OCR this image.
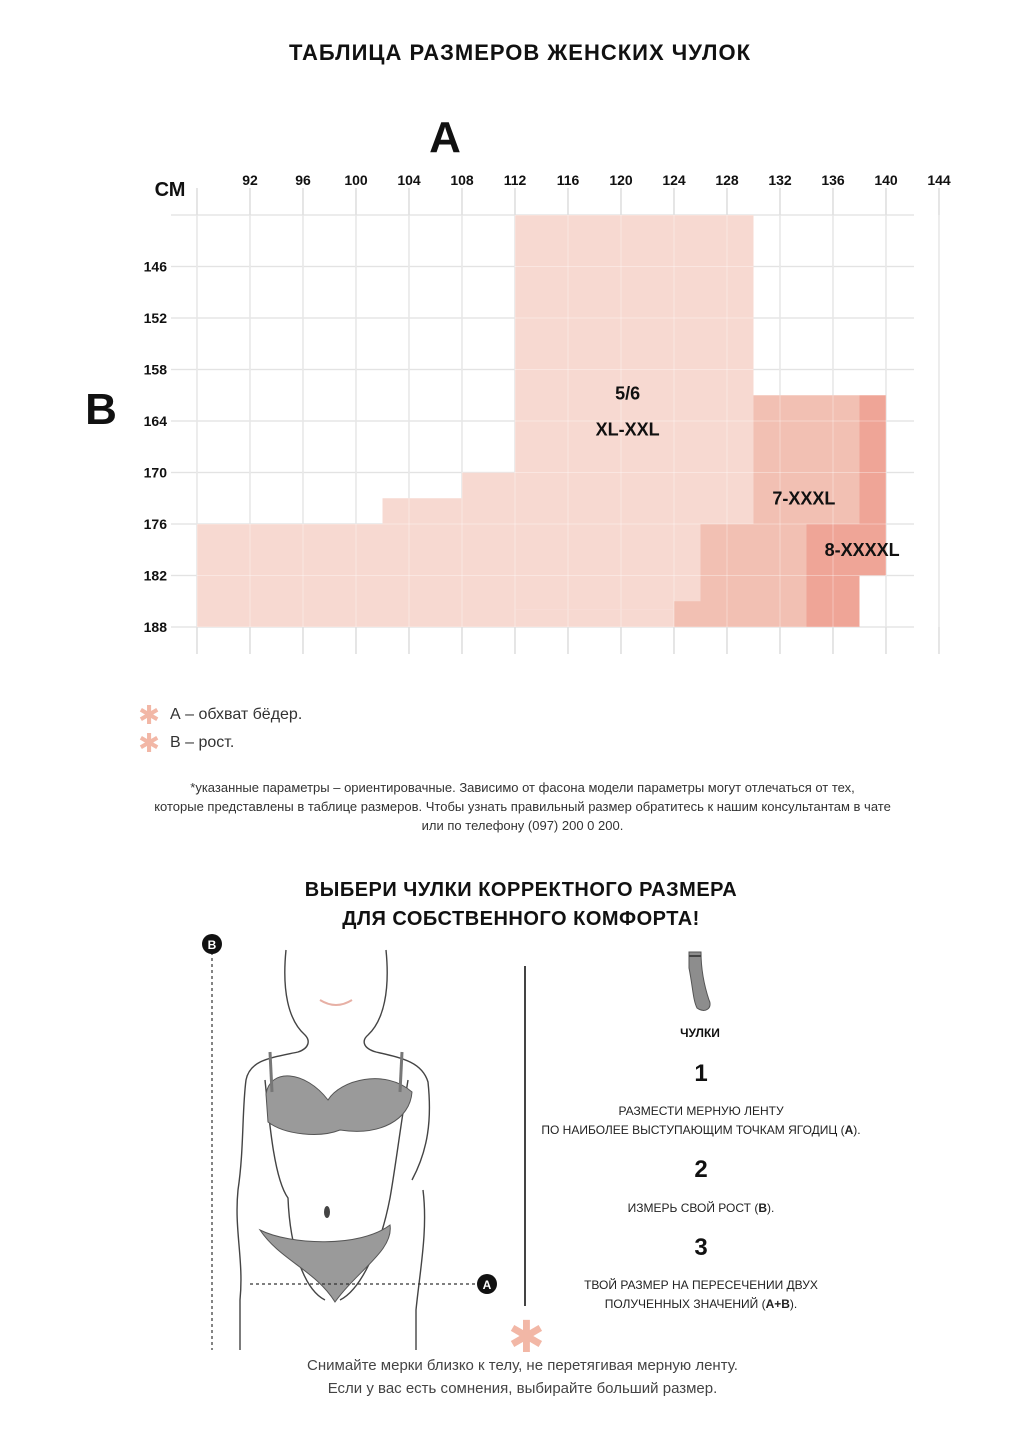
ТАБЛИЦА РАЗМЕРОВ ЖЕНСКИХ ЧУЛОК
92	96 100 104 108 112 116 120 124 128 132 136 140 144
146
152
158
164
170
176
182
188
A
B
СМ
5/6
XL-XXL
7-XXXL
8-XXXXL
✱ А – обхват бёдер.
✱ В – рост.
*указанные параметры – ориентировачные. Зависимо от фасона модели параметры могут отлечаться от тех,
которые представлены в таблице размеров. Чтобы узнать правильный размер обратитесь к нашим консультантам в чате
или по телефону (097) 200 0 200.
ВЫБЕРИ ЧУЛКИ КОРРЕКТНОГО РАЗМЕРА
ДЛЯ СОБСТВЕННОГО КОМФОРТА!
B
A
ЧУЛКИ
1
РАЗМЕСТИ МЕРНУЮ ЛЕНТУ
ПО НАИБОЛЕЕ ВЫСТУПАЮЩИМ ТОЧКАМ ЯГОДИЦ (А).
2
ИЗМЕРЬ СВОЙ РОСТ (В).
3
ТВОЙ РАЗМЕР НА ПЕРЕСЕЧЕНИИ ДВУХ
ПОЛУЧЕННЫХ ЗНАЧЕНИЙ (А+В).
✱
Снимайте мерки близко к телу, не перетягивая мерную ленту.
Если у вас есть сомнения, выбирайте больший размер.
